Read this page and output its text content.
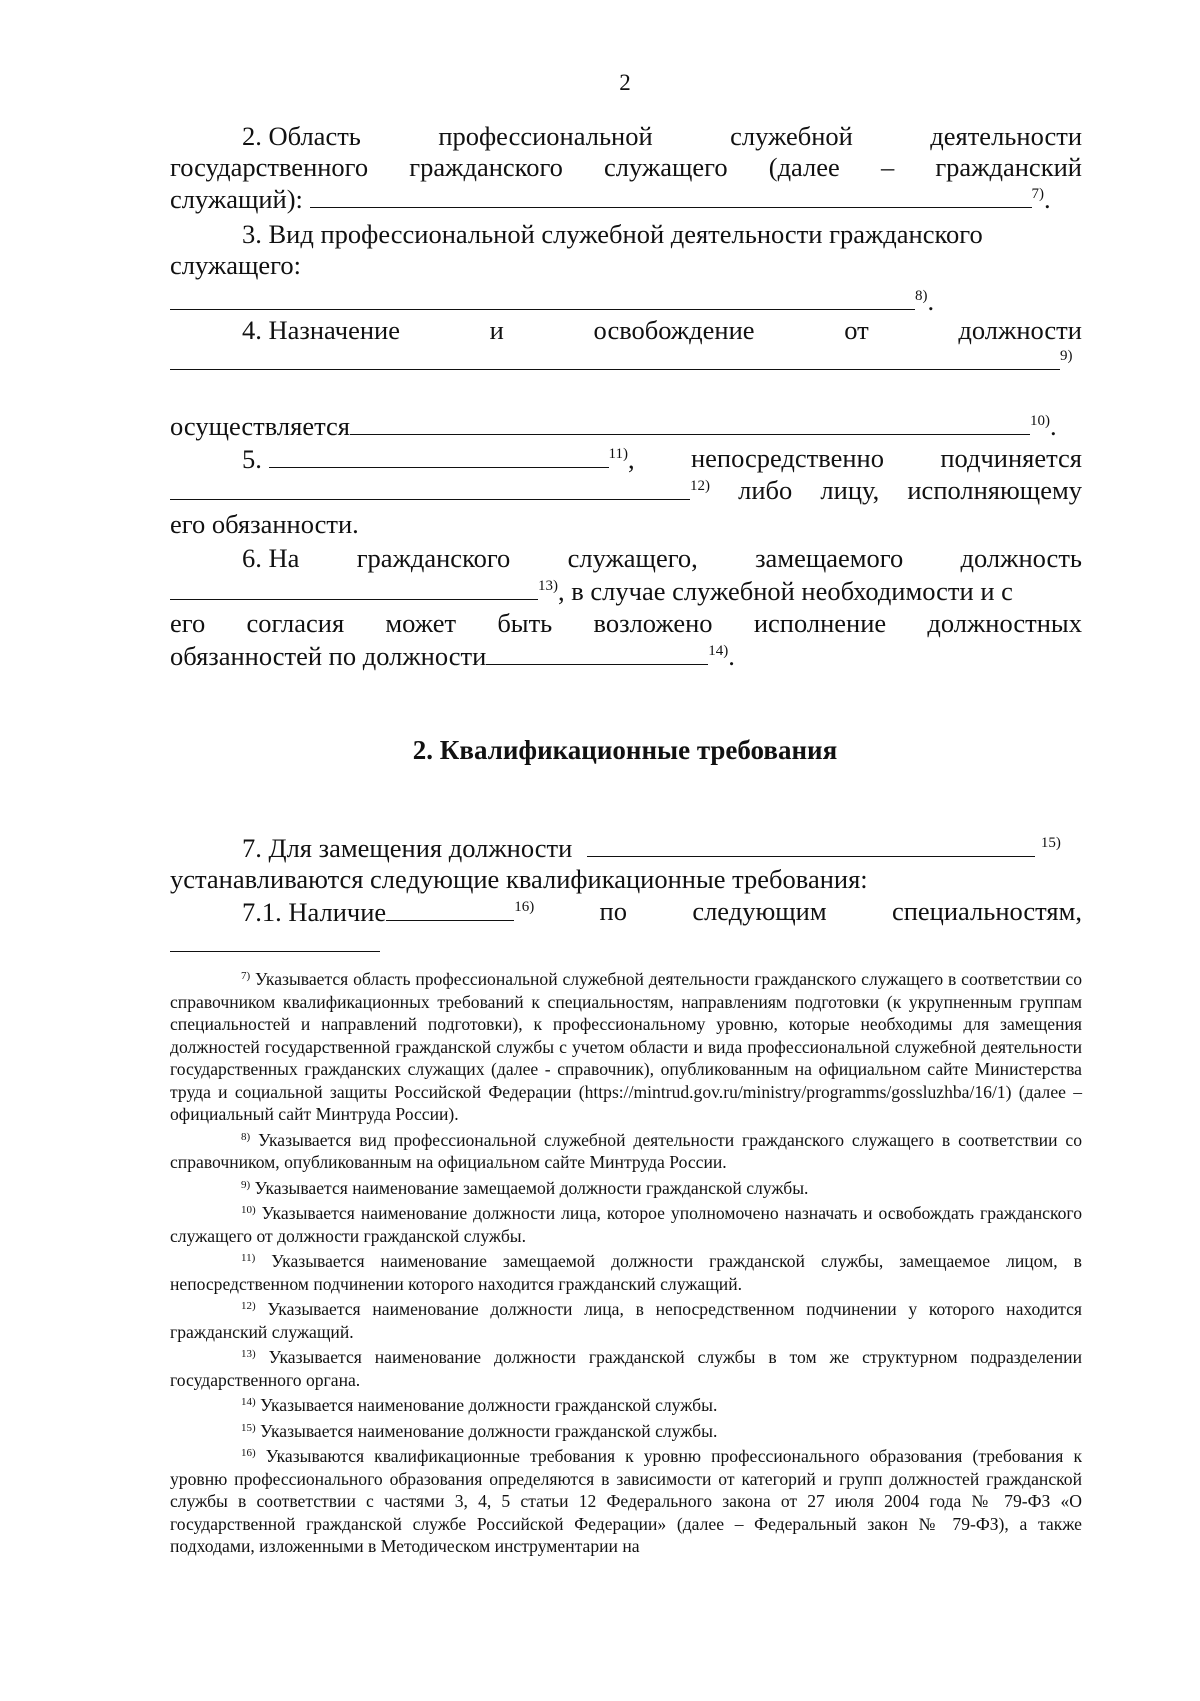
2
2. Область	профессиональной	служебной	деятельности
государственного гражданского служащего (далее – гражданский
служащий):	$^{7)}$.
3. Вид профессиональной служебной деятельности гражданского
служащего:
$^{8)}$.
4. Назначение	и	освобождение	от	должности
$^{9)}$
осуществляется	$^{10)}$.
5.	$^{11)}$, непосредственно подчиняется
$^{12)}$ либо лицу, исполняющему
его обязанности.
6. На гражданского служащего, замещаемого должность
$^{13)}$, в случае служебной необходимости и с
его согласия может быть возложено исполнение должностных
обязанностей по должности	$^{14)}$.
2. Квалификационные требования
7. Для замещения должности	$^{15)}$
устанавливаются следующие квалификационные требования:
7.1. Наличие	$^{16)}$ по следующим специальностям,

$^{7)}$ Указывается область профессиональной служебной деятельности гражданского служащего в соответствии со справочником квалификационных требований к специальностям, направлениям подготовки (к укрупненным группам специальностей и направлений подготовки), к профессиональному уровню, которые необходимы для замещения должностей государственной гражданской службы с учетом области и вида профессиональной служебной деятельности государственных гражданских служащих (далее - справочник), опубликованным на официальном сайте Министерства труда и социальной защиты Российской Федерации (https://mintrud.gov.ru/ministry/programms/gossluzhba/16/1) (далее – официальный сайт Минтруда России).

$^{8)}$ Указывается вид профессиональной служебной деятельности гражданского служащего в соответствии со справочником, опубликованным на официальном сайте Минтруда России.

$^{9)}$ Указывается наименование замещаемой должности гражданской службы.

$^{10)}$ Указывается наименование должности лица, которое уполномочено назначать и освобождать гражданского служащего от должности гражданской службы.

$^{11)}$ Указывается наименование замещаемой должности гражданской службы, замещаемое лицом, в непосредственном подчинении которого находится гражданский служащий.

$^{12)}$ Указывается наименование должности лица, в непосредственном подчинении у которого находится гражданский служащий.

$^{13)}$ Указывается наименование должности гражданской службы в том же структурном подразделении государственного органа.

$^{14)}$ Указывается наименование должности гражданской службы.

$^{15)}$ Указывается наименование должности гражданской службы.

$^{16)}$ Указываются квалификационные требования к уровню профессионального образования (требования к уровню профессионального образования определяются в зависимости от категорий и групп должностей гражданской службы в соответствии с частями 3, 4, 5 статьи 12 Федерального закона от 27 июля 2004 года № 79-ФЗ «О государственной гражданской службе Российской Федерации» (далее – Федеральный закон № 79-ФЗ), а также подходами, изложенными в Методическом инструментарии на
